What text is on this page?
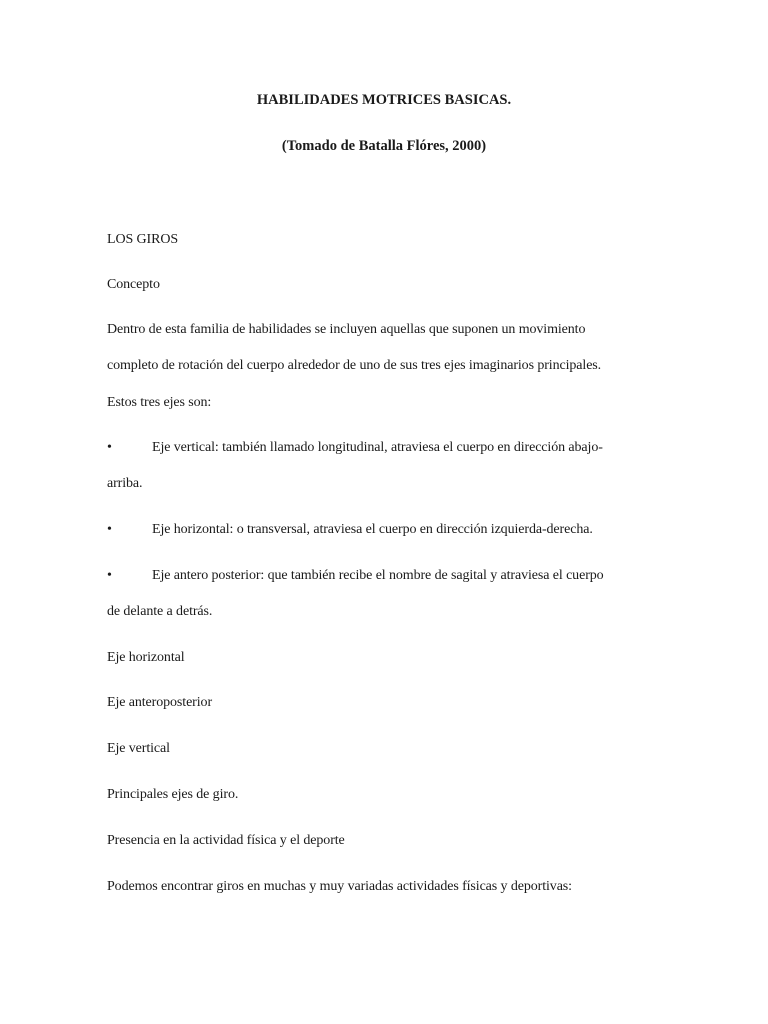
HABILIDADES MOTRICES BASICAS.

(Tomado de Batalla Flóres, 2000)

LOS GIROS

Concepto

Dentro de esta familia de habilidades se incluyen aquellas que suponen un movimiento

completo de rotación del cuerpo alrededor de uno de sus tres ejes imaginarios principales.

Estos tres ejes son:

•	Eje vertical: también llamado longitudinal, atraviesa el cuerpo en dirección abajo-

arriba.

•	Eje horizontal: o transversal, atraviesa el cuerpo en dirección izquierda-derecha.

•	Eje antero posterior: que también recibe el nombre de sagital y atraviesa el cuerpo

de delante a detrás.

Eje horizontal

Eje anteroposterior

Eje vertical

Principales ejes de giro.

Presencia en la actividad física y el deporte

Podemos encontrar giros en muchas y muy variadas actividades físicas y deportivas:
